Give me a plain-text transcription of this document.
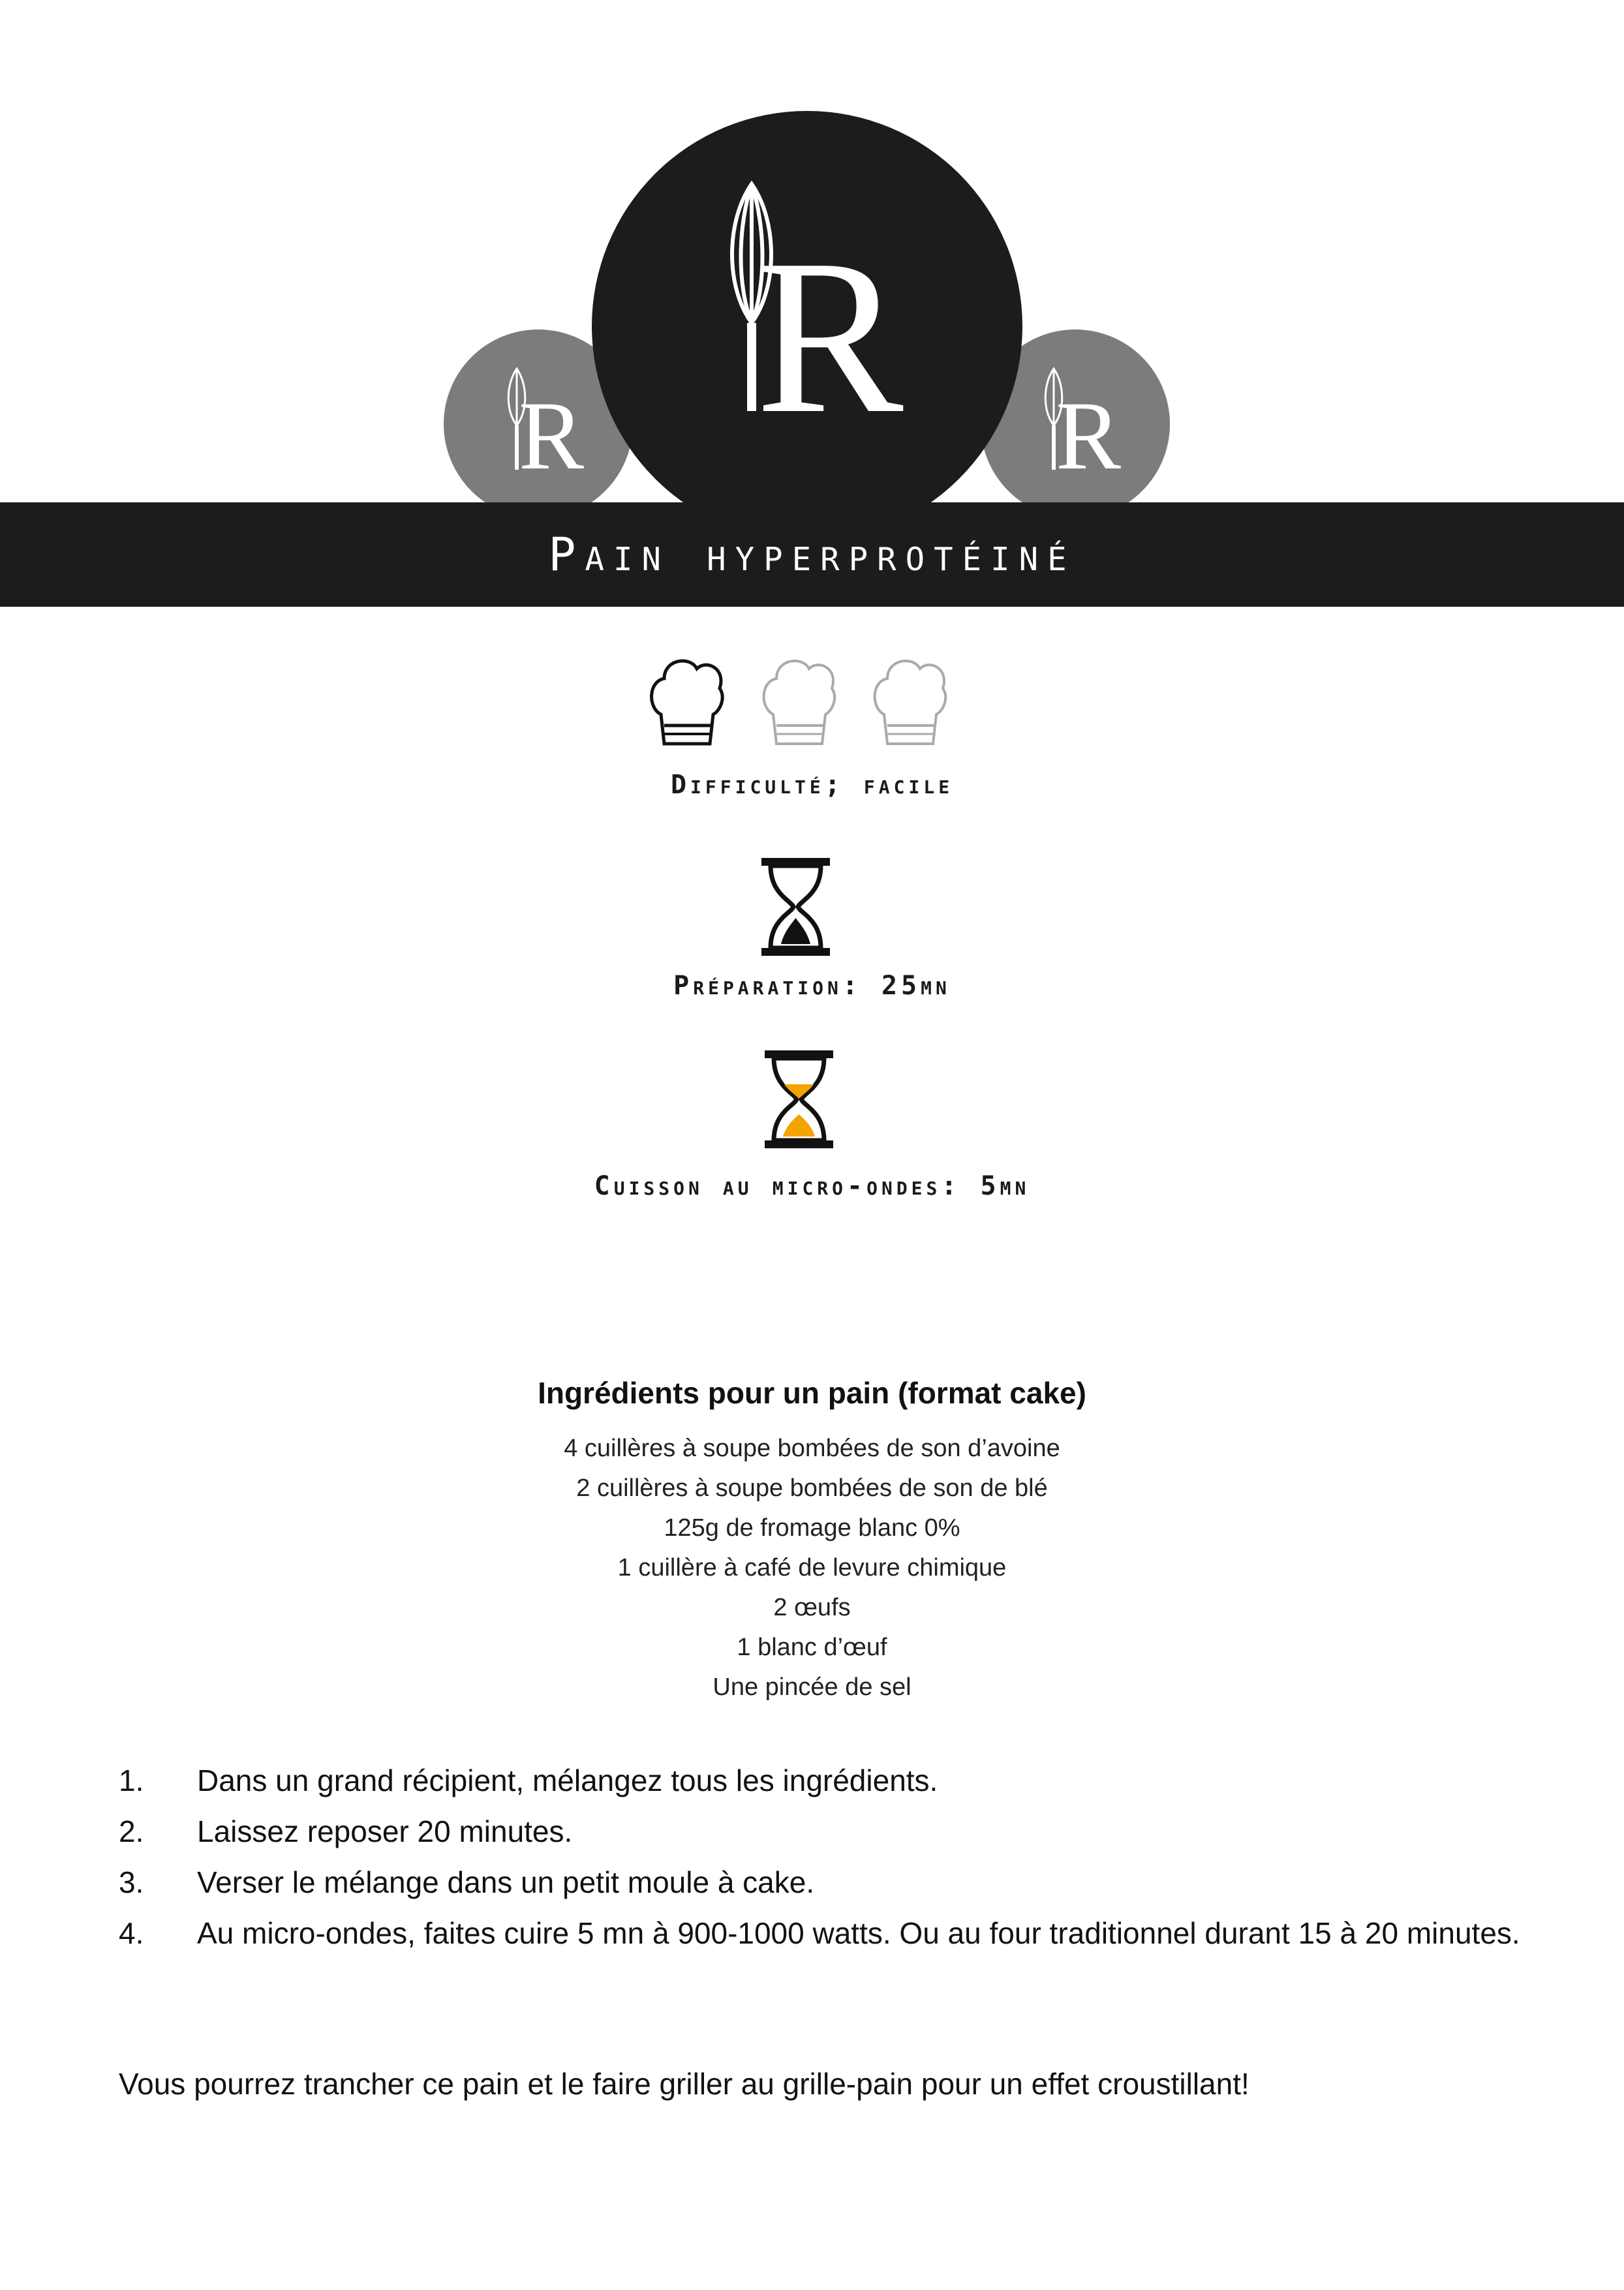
R
R	R
Pain hyperprotéiné
Difficulté; facile
Préparation: 25mn
Cuisson au micro-ondes: 5mn
Ingrédients pour un pain (format cake)
4 cuillères à soupe bombées de son d’avoine
2 cuillères à soupe bombées de son de blé
125g de fromage blanc 0%
1 cuillère à café de levure chimique
2 œufs
1 blanc d’œuf
Une pincée de sel
1. Dans un grand récipient, mélangez tous les ingrédients.
2. Laissez reposer 20 minutes.
3. Verser le mélange dans un petit moule à cake.
4. Au micro-ondes, faites cuire 5 mn à 900-1000 watts. Ou au four traditionnel durant 15 à 20 minutes.
Vous pourrez trancher ce pain et le faire griller au grille-pain pour un effet croustillant!
